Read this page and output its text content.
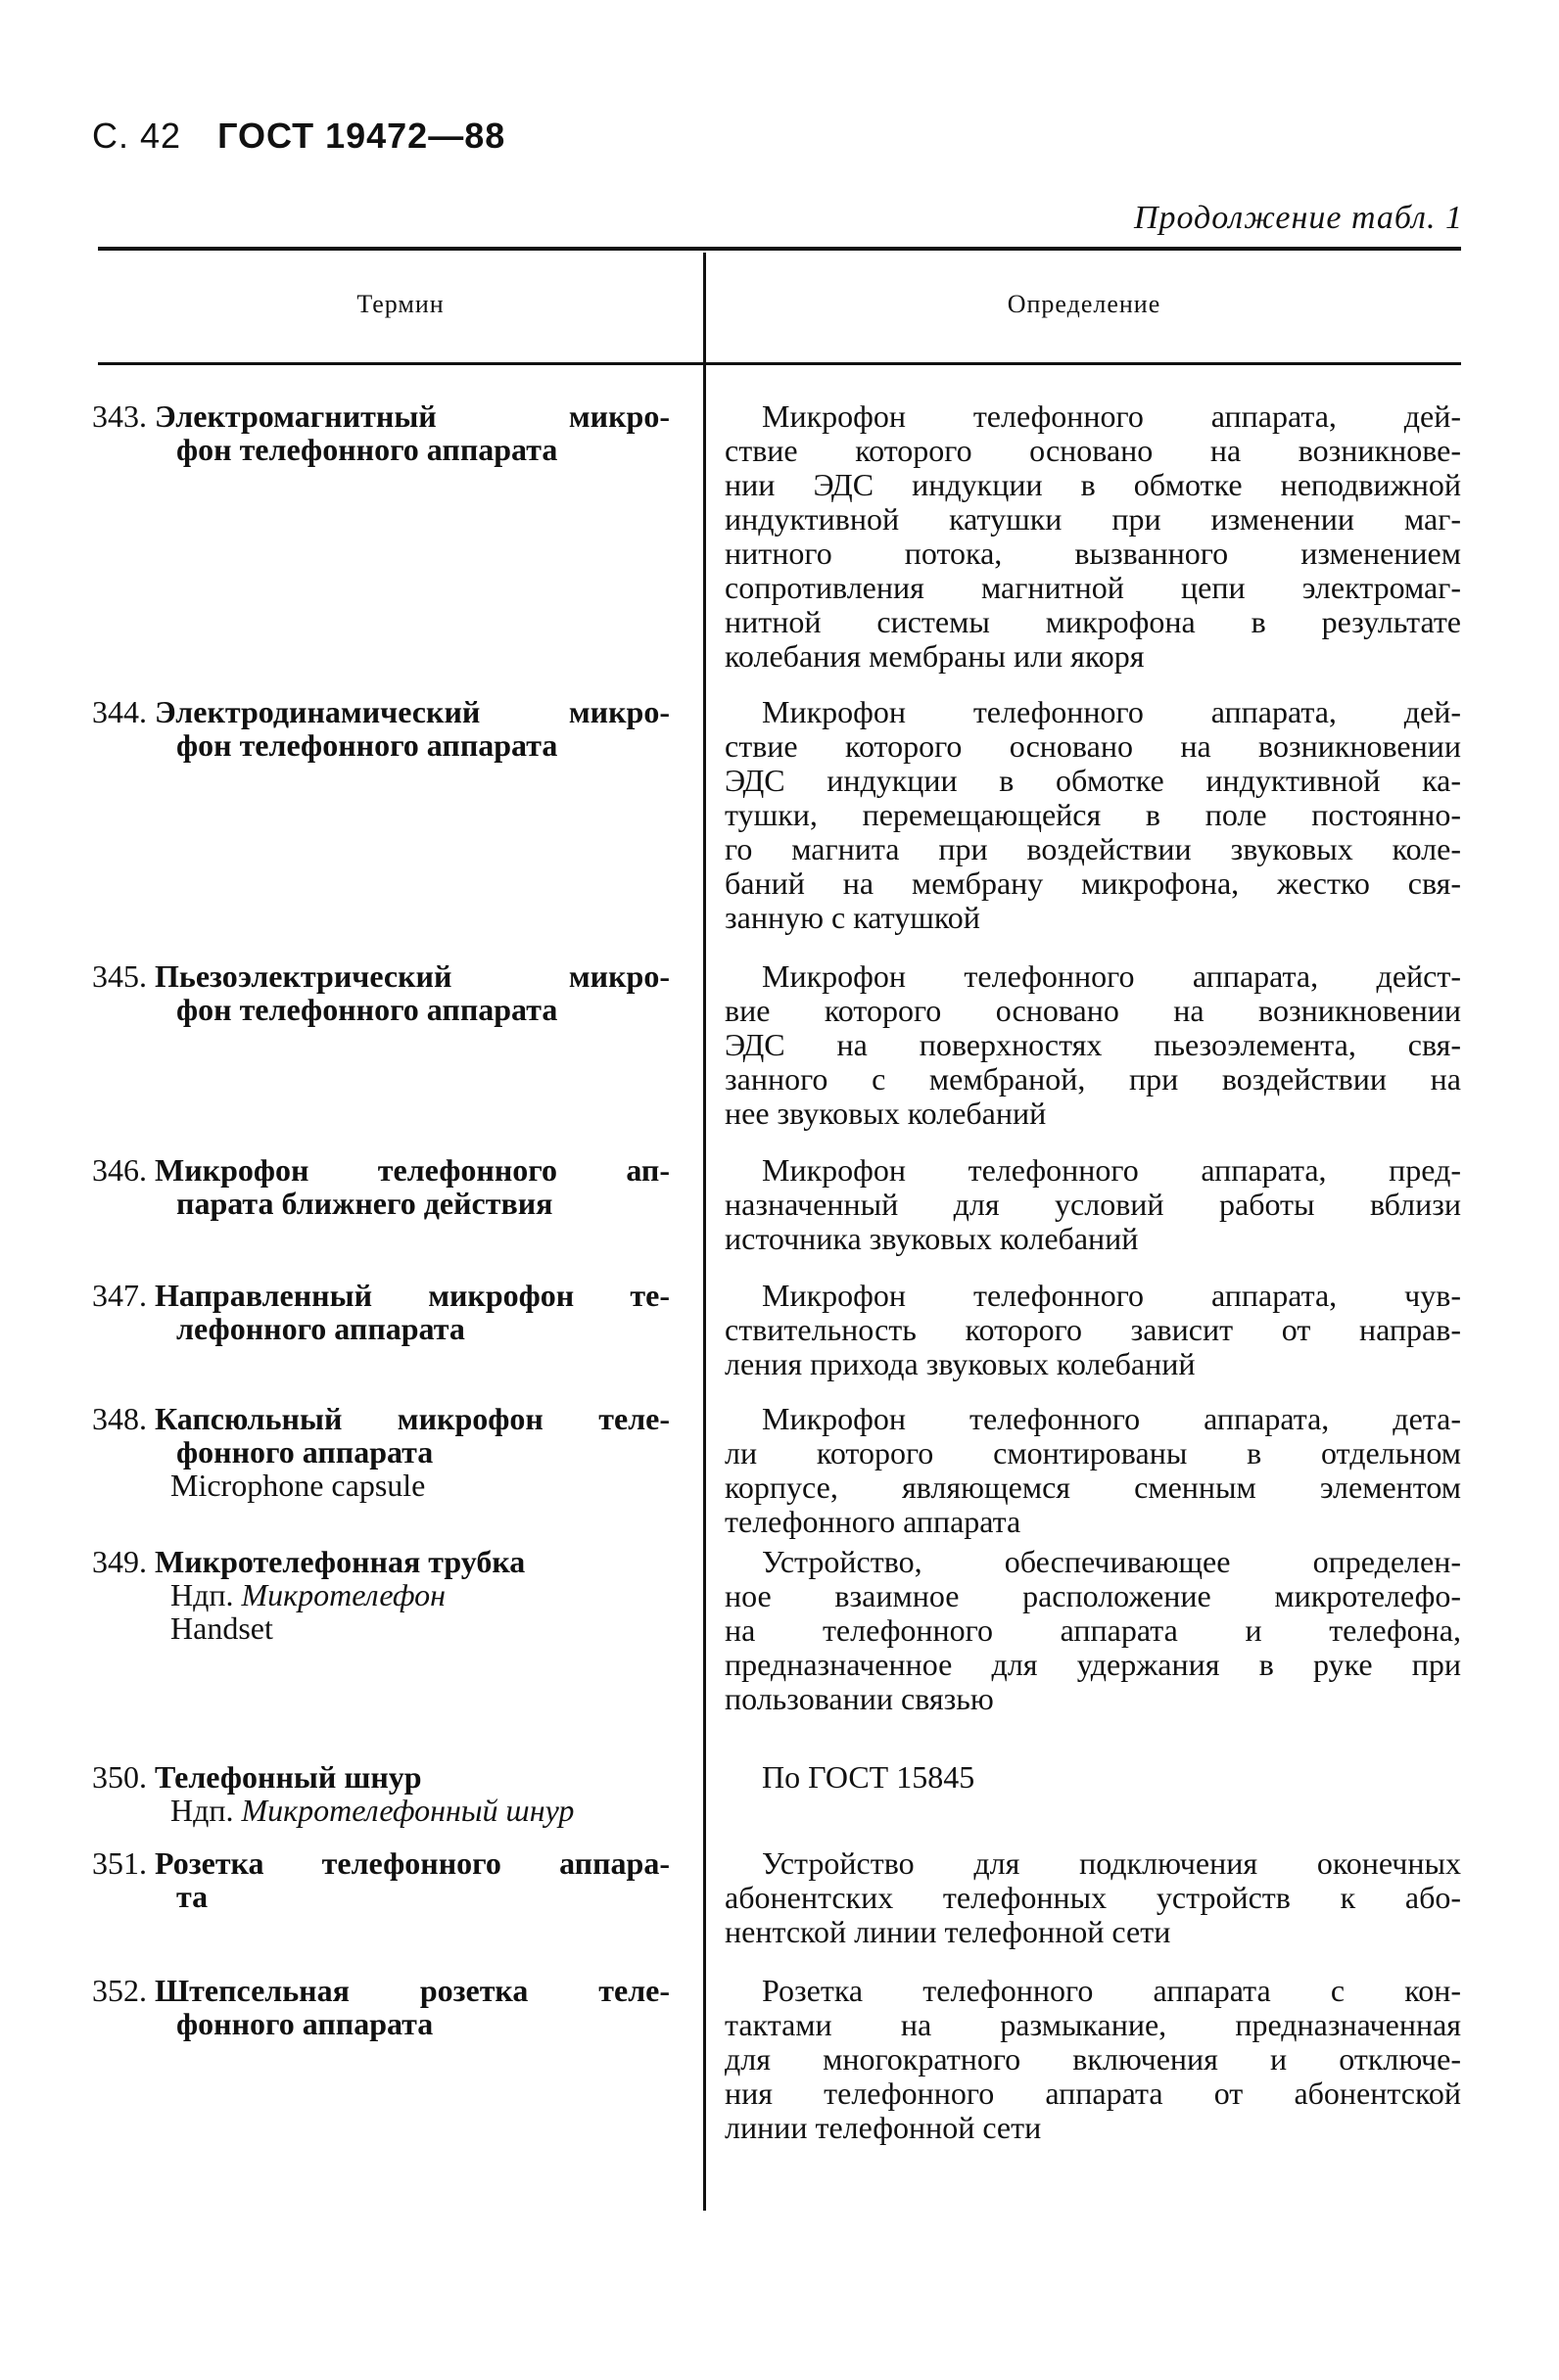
С. 42 ГОСТ 19472—88
Продолжение табл. 1
Термин	Определение
343. Электромагнитный микро-
фон телефонного аппарата
Микрофон телефонного аппарата, дей-
ствие которого основано на возникнове-
нии ЭДС индукции в обмотке неподвижной
индуктивной катушки при изменении маг-
нитного потока, вызванного изменением
сопротивления магнитной цепи электромаг-
нитной системы микрофона в результате
колебания мембраны или якоря
344. Электродинамический микро-
фон телефонного аппарата
Микрофон телефонного аппарата, дей-
ствие которого основано на возникновении
ЭДС индукции в обмотке индуктивной ка-
тушки, перемещающейся в поле постоянно-
го магнита при воздействии звуковых коле-
баний на мембрану микрофона, жестко свя-
занную с катушкой
345. Пьезоэлектрический микро-
фон телефонного аппарата
Микрофон телефонного аппарата, дейст-
вие которого основано на возникновении
ЭДС на поверхностях пьезоэлемента, свя-
занного с мембраной, при воздействии на
нее звуковых колебаний
346. Микрофон телефонного ап-
парата ближнего действия
Микрофон телефонного аппарата, пред-
назначенный для условий работы вблизи
источника звуковых колебаний
347. Направленный микрофон те-
лефонного аппарата
Микрофон телефонного аппарата, чув-
ствительность которого зависит от направ-
ления прихода звуковых колебаний
348. Капсюльный микрофон теле-
фонного аппарата
Microphone capsule
Микрофон телефонного аппарата, дета-
ли которого смонтированы в отдельном
корпусе, являющемся сменным элементом
телефонного аппарата
349. Микротелефонная трубка
Ндп. Микротелефон
Handset
Устройство, обеспечивающее определен-
ное взаимное расположение микротелефо-
на телефонного аппарата и телефона,
предназначенное для удержания в руке при
пользовании связью
350. Телефонный шнур
Ндп. Микротелефонный шнур
По ГОСТ 15845
351. Розетка телефонного аппара-
та
Устройство для подключения оконечных
абонентских телефонных устройств к або-
нентской линии телефонной сети
352. Штепсельная розетка теле-
фонного аппарата
Розетка телефонного аппарата с кон-
тактами на размыкание, предназначенная
для многократного включения и отключе-
ния телефонного аппарата от абонентской
линии телефонной сети
